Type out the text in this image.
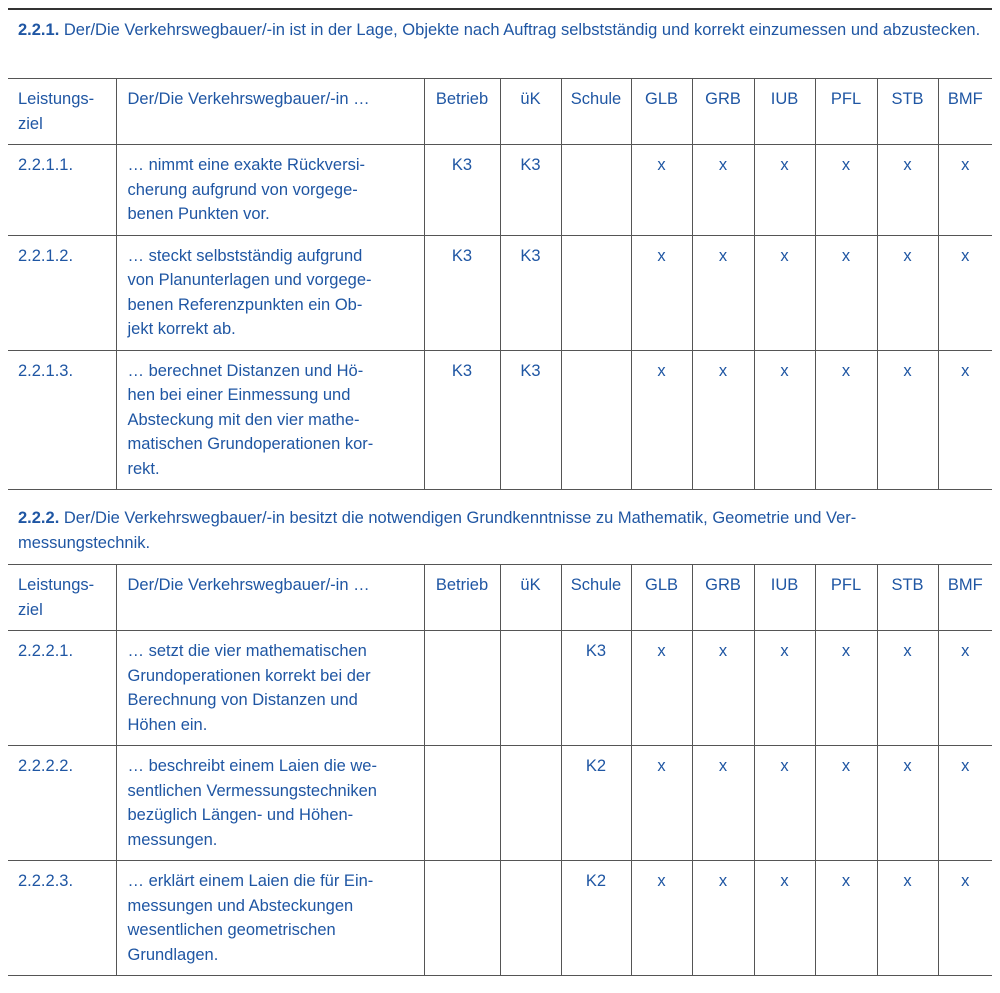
2.2.1. Der/Die Verkehrswegbauer/-in ist in der Lage, Objekte nach Auftrag selbstständig und korrekt einzumessen und abzustecken.
Leistungs-
ziel	Der/Die Verkehrswegbauer/-in …	Betrieb	üK	Schule	GLB	GRB	IUB	PFL	STB	BMF
2.2.1.1.	… nimmt eine exakte Rückversi-
cherung aufgrund von vorgege-
benen Punkten vor.	K3	K3		x	x	x	x	x	x
2.2.1.2.	… steckt selbstständig aufgrund
von Planunterlagen und vorgege-
benen Referenzpunkten ein Ob-
jekt korrekt ab.	K3	K3		x	x	x	x	x	x
2.2.1.3.	… berechnet Distanzen und Hö-
hen bei einer Einmessung und
Absteckung mit den vier mathe-
matischen Grundoperationen kor-
rekt.	K3	K3		x	x	x	x	x	x
2.2.2. Der/Die Verkehrswegbauer/-in besitzt die notwendigen Grundkenntnisse zu Mathematik, Geometrie und Ver-
messungstechnik.
Leistungs-
ziel	Der/Die Verkehrswegbauer/-in …	Betrieb	üK	Schule	GLB	GRB	IUB	PFL	STB	BMF
2.2.2.1.	… setzt die vier mathematischen
Grundoperationen korrekt bei der
Berechnung von Distanzen und
Höhen ein.			K3	x	x	x	x	x	x
2.2.2.2.	… beschreibt einem Laien die we-
sentlichen Vermessungstechniken
bezüglich Längen- und Höhen-
messungen.			K2	x	x	x	x	x	x
2.2.2.3.	… erklärt einem Laien die für Ein-
messungen und Absteckungen
wesentlichen geometrischen
Grundlagen.			K2	x	x	x	x	x	x
